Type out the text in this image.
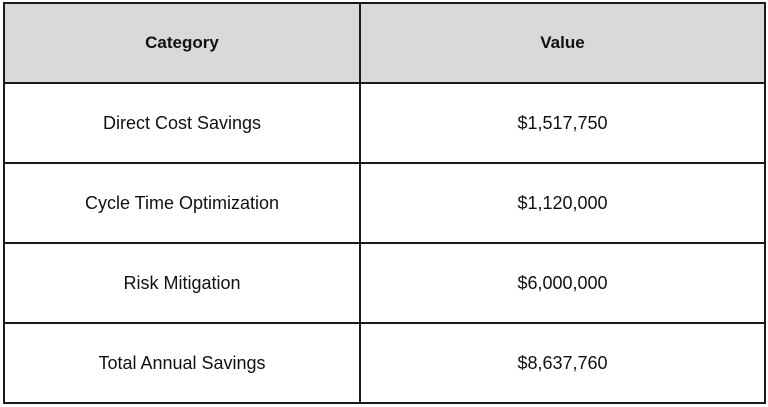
Category	Value
Direct Cost Savings	$1,517,750
Cycle Time Optimization	$1,120,000
Risk Mitigation	$6,000,000
Total Annual Savings	$8,637,760
